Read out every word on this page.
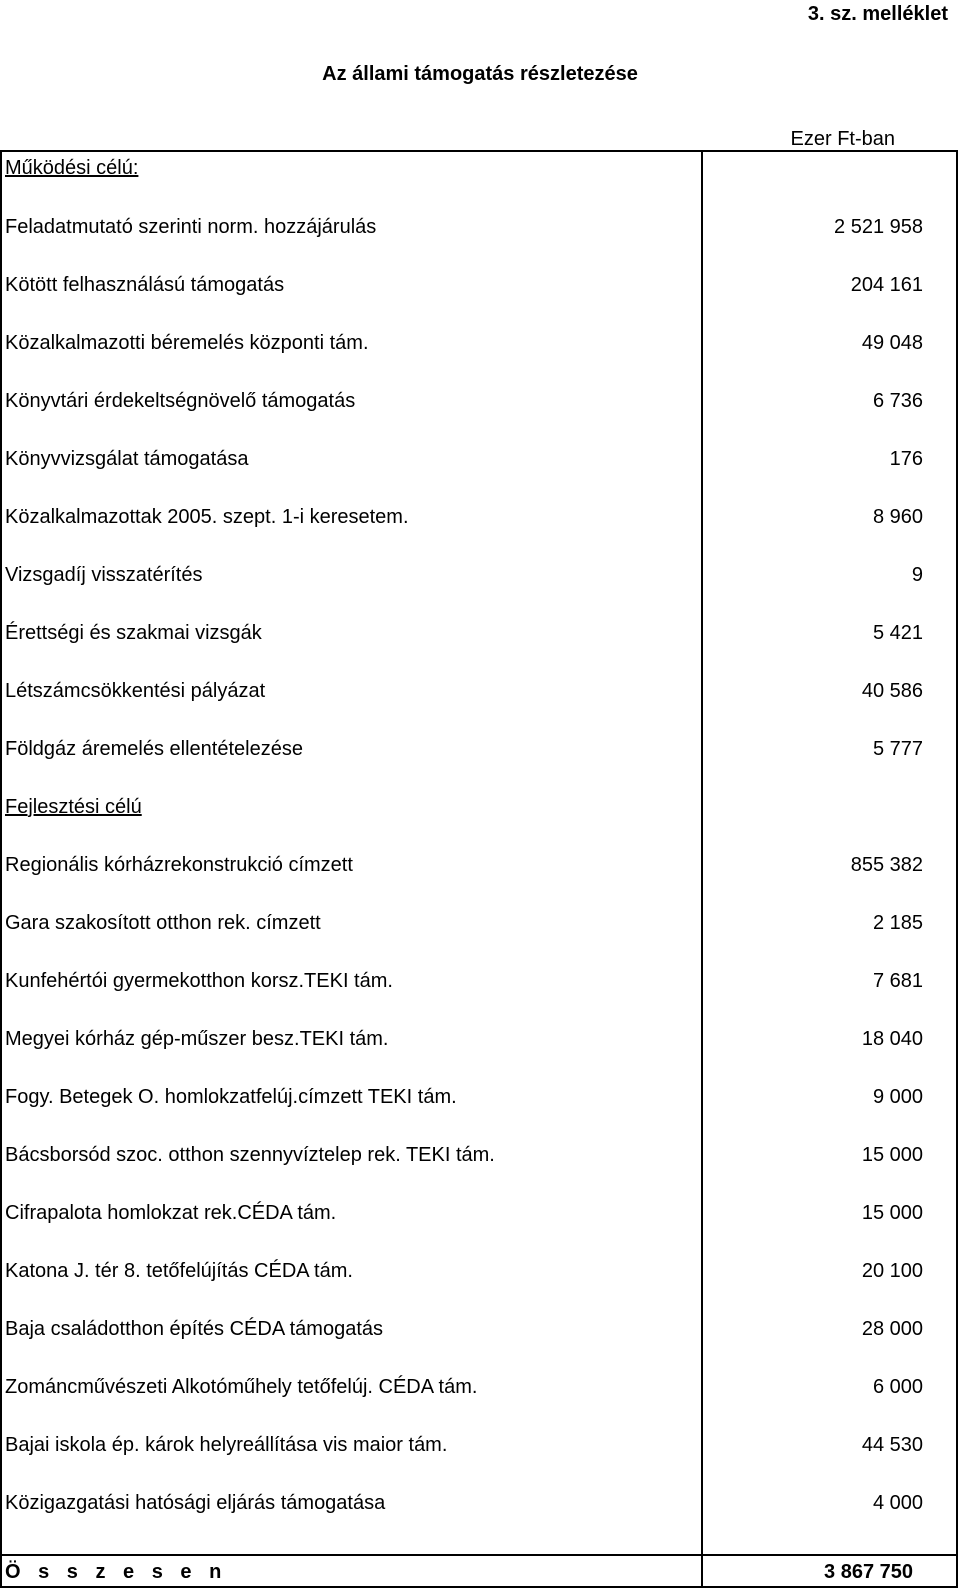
3. sz. melléklet
Az állami támogatás részletezése
Ezer Ft-ban
Működési célú:
Feladatmutató szerinti norm. hozzájárulás	2 521 958
Kötött felhasználású támogatás	204 161
Közalkalmazotti béremelés központi tám.	49 048
Könyvtári érdekeltségnövelő támogatás	6 736
Könyvvizsgálat támogatása	176
Közalkalmazottak 2005. szept. 1-i keresetem.	8 960
Vizsgadíj visszatérítés	9
Érettségi és szakmai vizsgák	5 421
Létszámcsökkentési pályázat	40 586
Földgáz áremelés ellentételezése	5 777
Fejlesztési célú
Regionális kórházrekonstrukció címzett	855 382
Gara szakosított otthon rek. címzett	2 185
Kunfehértói gyermekotthon korsz.TEKI tám.	7 681
Megyei kórház gép-műszer besz.TEKI tám.	18 040
Fogy. Betegek O. homlokzatfelúj.címzett TEKI tám.	9 000
Bácsborsód szoc. otthon szennyvíztelep rek. TEKI tám.	15 000
Cifrapalota homlokzat rek.CÉDA tám.	15 000
Katona J. tér 8. tetőfelújítás CÉDA tám.	20 100
Baja családotthon építés CÉDA támogatás	28 000
Zománcművészeti Alkotóműhely tetőfelúj. CÉDA tám.	6 000
Bajai iskola ép. károk helyreállítása vis maior tám.	44 530
Közigazgatási hatósági eljárás támogatása	4 000
Ö s s z e s e n	3 867 750
